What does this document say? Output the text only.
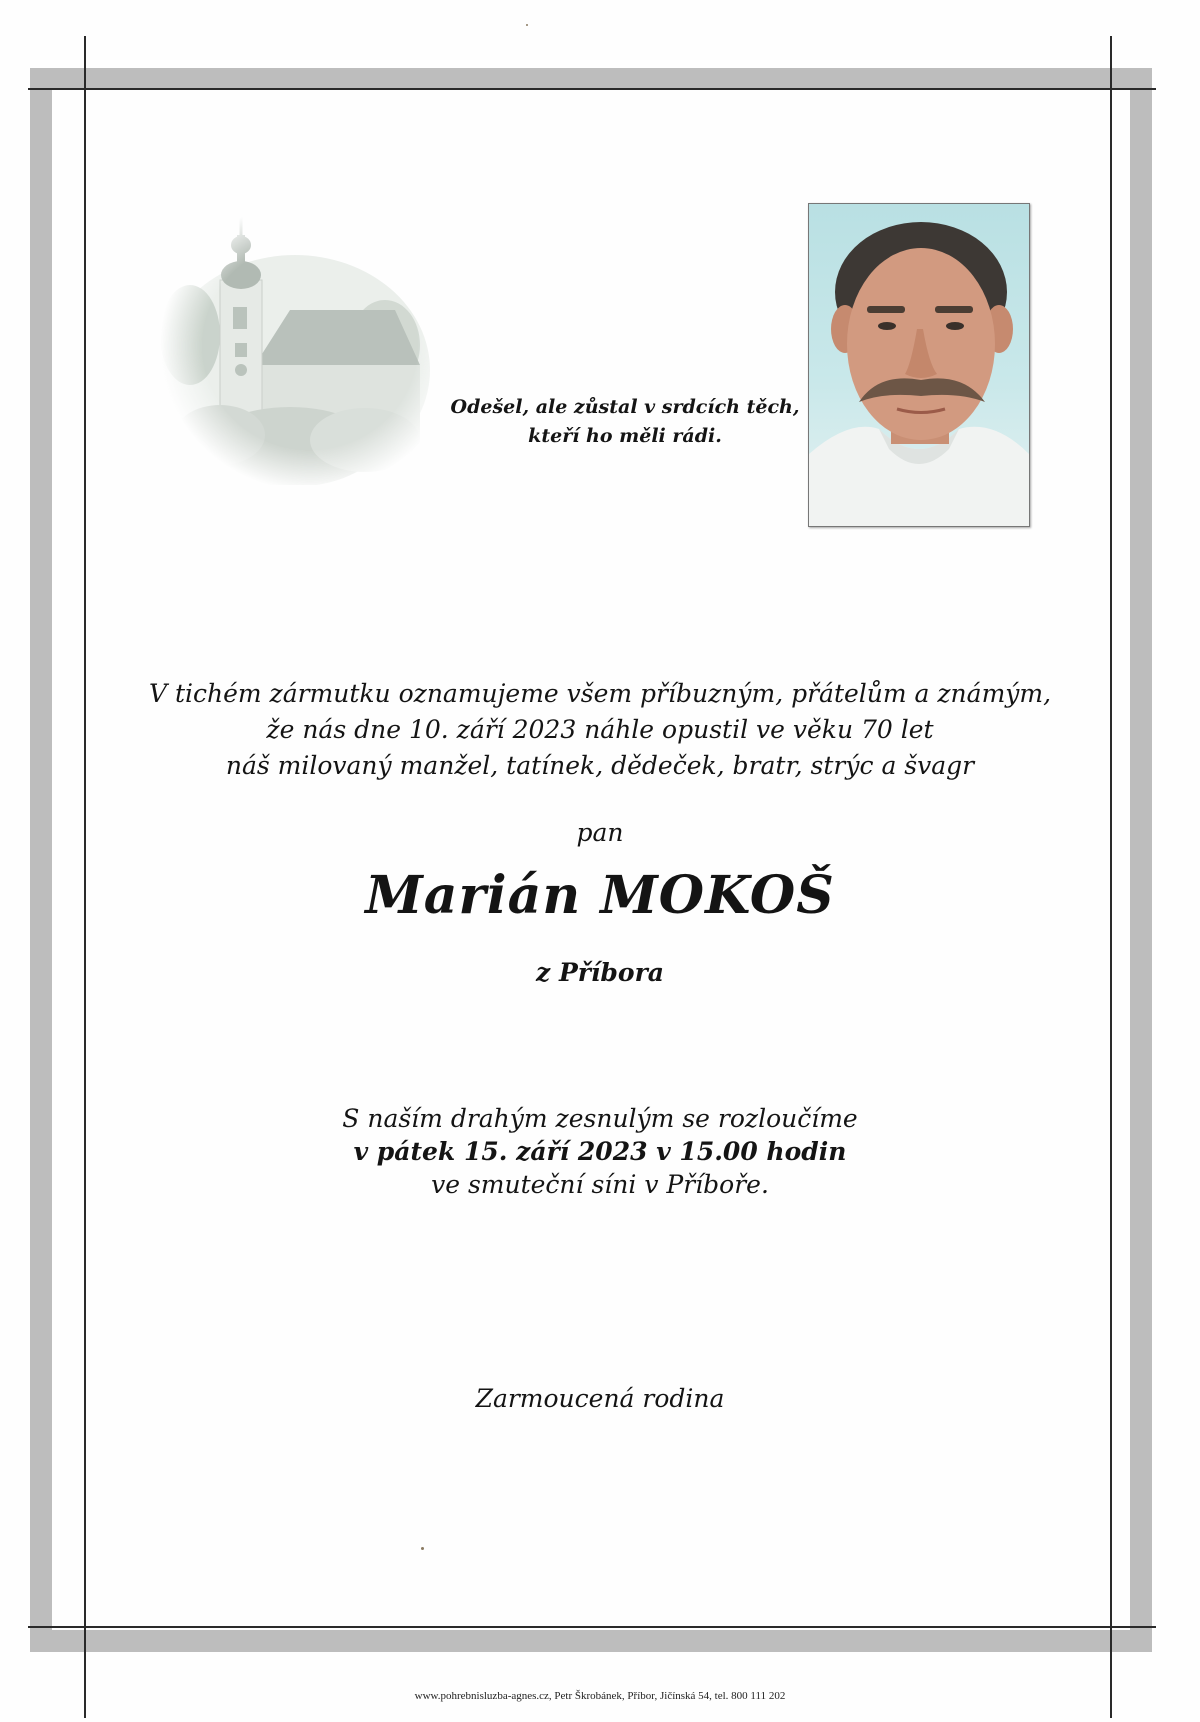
Odešel, ale zůstal v srdcích těch,
kteří ho měli rádi.
V tichém zármutku oznamujeme všem příbuzným, přátelům a známým,
že nás dne 10. září 2023 náhle opustil ve věku 70 let
náš milovaný manžel, tatínek, dědeček, bratr, strýc a švagr
pan
Marián MOKOŠ
z Příbora
S naším drahým zesnulým se rozloučíme
v pátek 15. září 2023 v 15.00 hodin
ve smuteční síni v Příboře.
Zarmoucená rodina
www.pohrebnisluzba-agnes.cz, Petr Škrobánek, Příbor, Jičínská 54, tel. 800 111 202
